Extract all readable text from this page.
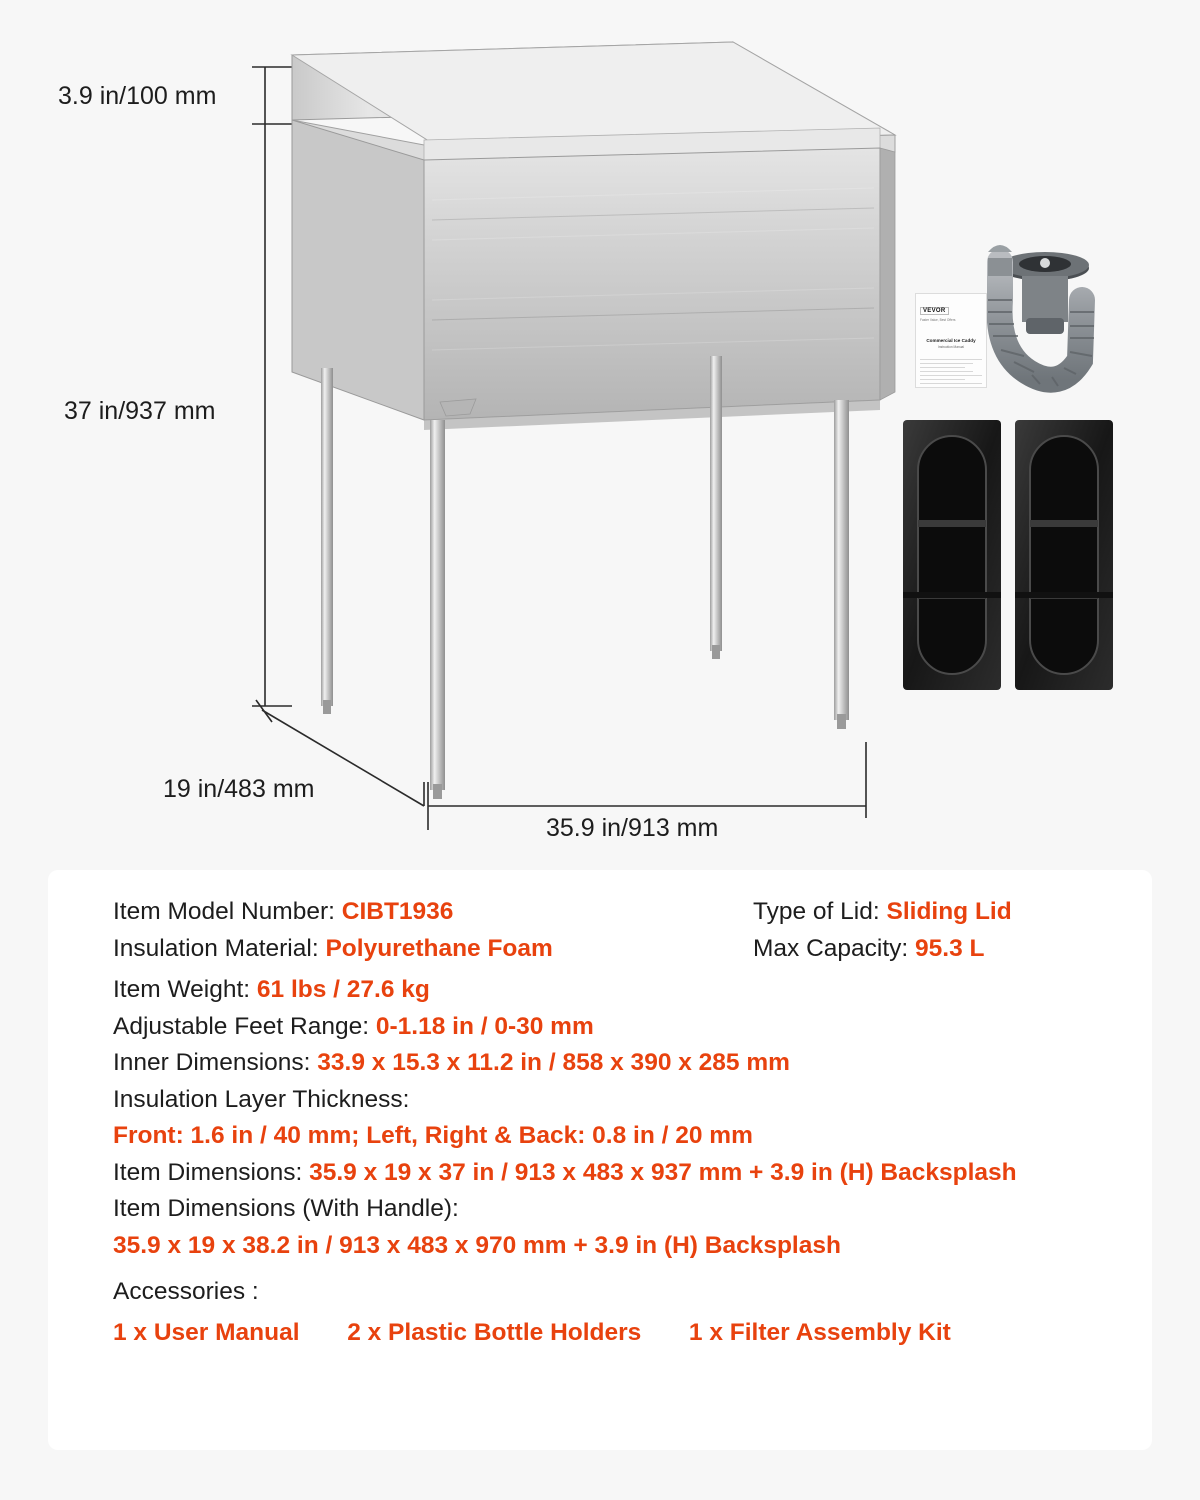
VEVOR
Faster Value, Best Offers
Commercial Ice Caddy
Instruction Manual
3.9 in/100 mm
37 in/937 mm
19 in/483 mm
35.9 in/913 mm
Item Model Number: CIBT1936
Insulation Material: Polyurethane Foam
Type of Lid: Sliding Lid
Max Capacity: 95.3 L
Item Weight: 61 lbs / 27.6 kg
Adjustable Feet Range: 0-1.18 in / 0-30 mm
Inner Dimensions: 33.9 x 15.3 x 11.2 in / 858 x 390 x 285 mm
Insulation Layer Thickness:
Front: 1.6 in / 40 mm; Left, Right & Back: 0.8 in / 20 mm
Item Dimensions: 35.9 x 19 x 37 in / 913 x 483 x 937 mm + 3.9 in (H) Backsplash
Item Dimensions (With Handle):
35.9 x 19 x 38.2 in / 913 x 483 x 970 mm + 3.9 in (H) Backsplash
Accessories :
1 x User Manual 2 x Plastic Bottle Holders 1 x Filter Assembly Kit
